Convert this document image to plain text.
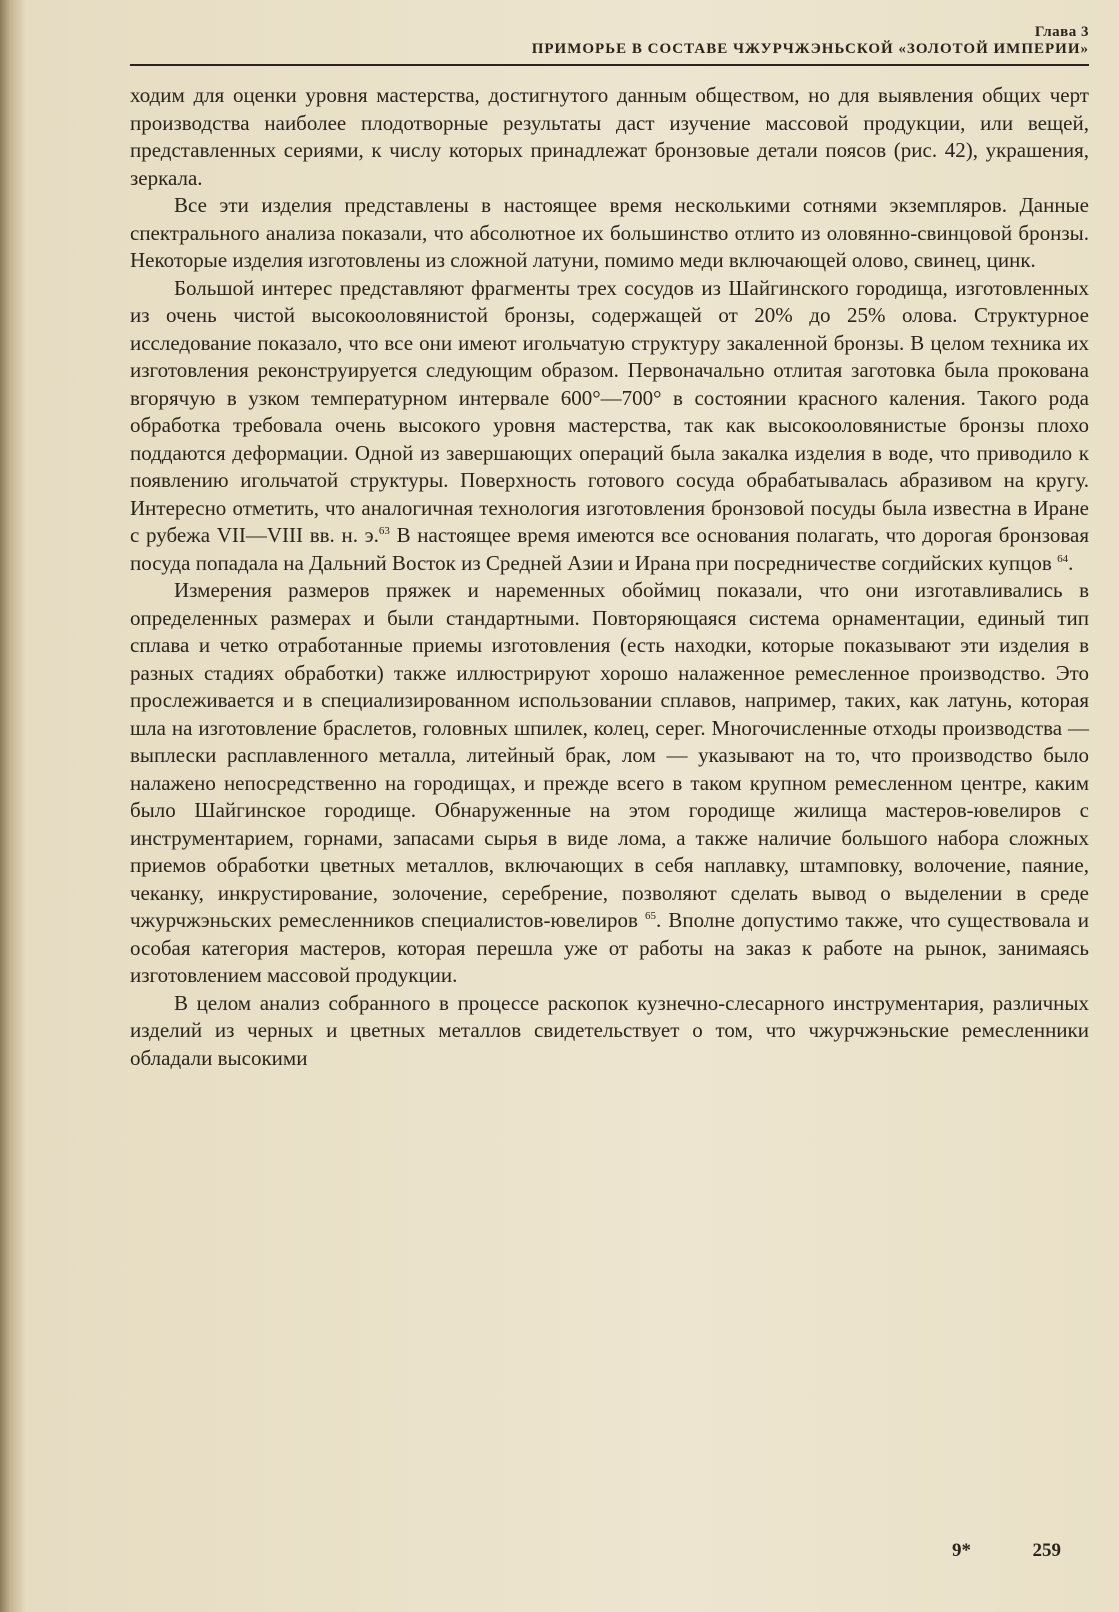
Глава 3
ПРИМОРЬЕ В СОСТАВЕ ЧЖУРЧЖЭНЬСКОЙ «ЗОЛОТОЙ ИМПЕРИИ»

ходим для оценки уровня мастерства, достигнутого данным обществом, но для выявления общих черт производства наиболее плодотворные результаты даст изучение массовой продукции, или вещей, представленных сериями, к числу которых принадлежат бронзовые детали поясов (рис. 42), украшения, зеркала.

Все эти изделия представлены в настоящее время несколькими сотнями экземпляров. Данные спектрального анализа показали, что абсолютное их большинство отлито из оловянно-свинцовой бронзы. Некоторые изделия изготовлены из сложной латуни, помимо меди включающей олово, свинец, цинк.

Большой интерес представляют фрагменты трех сосудов из Шайгинского городища, изготовленных из очень чистой высокооловянистой бронзы, содержащей от 20% до 25% олова. Структурное исследование показало, что все они имеют игольчатую структуру закаленной бронзы. В целом техника их изготовления реконструируется следующим образом. Первоначально отлитая заготовка была прокована вгорячую в узком температурном интервале 600°—700° в состоянии красного каления. Такого рода обработка требовала очень высокого уровня мастерства, так как высокооловянистые бронзы плохо поддаются деформации. Одной из завершающих операций была закалка изделия в воде, что приводило к появлению игольчатой структуры. Поверхность готового сосуда обрабатывалась абразивом на кругу. Интересно отметить, что аналогичная технология изготовления бронзовой посуды была известна в Иране с рубежа VII—VIII вв. н. э.$^{63}$ В настоящее время имеются все основания полагать, что дорогая бронзовая посуда попадала на Дальний Восток из Средней Азии и Ирана при посредничестве согдийских купцов $^{64}$.

Измерения размеров пряжек и наременных обоймиц показали, что они изготавливались в определенных размерах и были стандартными. Повторяющаяся система орнаментации, единый тип сплава и четко отработанные приемы изготовления (есть находки, которые показывают эти изделия в разных стадиях обработки) также иллюстрируют хорошо налаженное ремесленное производство. Это прослеживается и в специализированном использовании сплавов, например, таких, как латунь, которая шла на изготовление браслетов, головных шпилек, колец, серег. Многочисленные отходы производства — выплески расплавленного металла, литейный брак, лом — указывают на то, что производство было налажено непосредственно на городищах, и прежде всего в таком крупном ремесленном центре, каким было Шайгинское городище. Обнаруженные на этом городище жилища мастеров-ювелиров с инструментарием, горнами, запасами сырья в виде лома, а также наличие большого набора сложных приемов обработки цветных металлов, включающих в себя наплавку, штамповку, волочение, паяние, чеканку, инкрустирование, золочение, серебрение, позволяют сделать вывод о выделении в среде чжурчжэньских ремесленников специалистов-ювелиров $^{65}$. Вполне допустимо также, что существовала и особая категория мастеров, которая перешла уже от работы на заказ к работе на рынок, занимаясь изготовлением массовой продукции.

В целом анализ собранного в процессе раскопок кузнечно-слесарного инструментария, различных изделий из черных и цветных металлов свидетельствует о том, что чжурчжэньские ремесленники обладали высокими

9*	259
